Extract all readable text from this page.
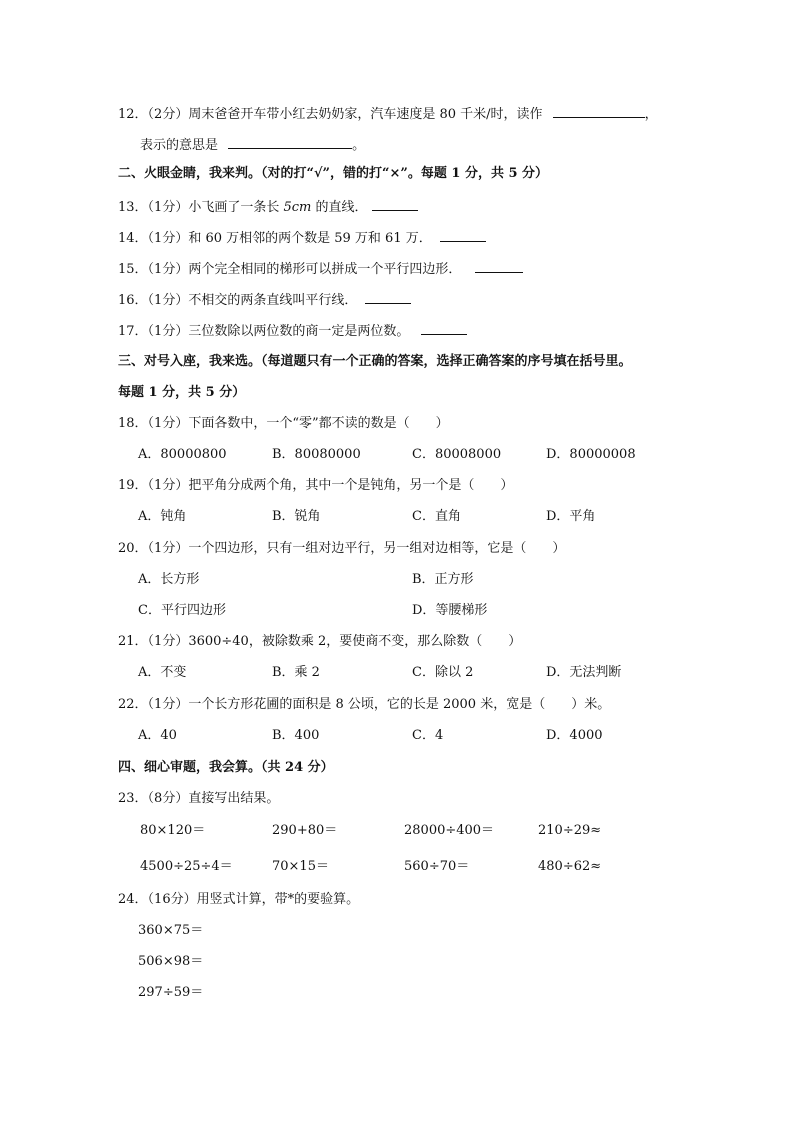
12．（2分）周末爸爸开车带小红去奶奶家，汽车速度是 80 千米/时，读作	，
表示的意思是	。
二、火眼金睛，我来判。（对的打“√”，错的打“×”。每题 1 分，共 5 分）
13．（1分）小飞画了一条长 5cm 的直线．
14．（1分）和 60 万相邻的两个数是 59 万和 61 万．
15．（1分）两个完全相同的梯形可以拼成一个平行四边形．
16．（1分）不相交的两条直线叫平行线．
17．（1分）三位数除以两位数的商一定是两位数。
三、对号入座，我来选。（每道题只有一个正确的答案，选择正确答案的序号填在括号里。
每题 1 分，共 5 分）
18．（1分）下面各数中，一个“零”都不读的数是（　　）
A．80000800	B．80080000	C．80008000	D．80000008
19．（1分）把平角分成两个角，其中一个是钝角，另一个是（　　）
A．钝角	B．锐角	C．直角	D．平角
20．（1分）一个四边形，只有一组对边平行，另一组对边相等，它是（　　）
A．长方形	B．正方形
C．平行四边形	D．等腰梯形
21．（1分）3600÷40，被除数乘 2，要使商不变，那么除数（　　）
A．不变	B．乘 2	C．除以 2	D．无法判断
22．（1分）一个长方形花圃的面积是 8 公顷，它的长是 2000 米，宽是（　　）米。
A．40	B．400	C．4	D．4000
四、细心审题，我会算。（共 24 分）
23．（8分）直接写出结果。
80×120＝	290+80＝	28000÷400＝	210÷29≈
4500÷25÷4＝	70×15＝	560÷70＝	480÷62≈
24．（16分）用竖式计算，带*的要验算。
360×75＝
506×98＝
297÷59＝
